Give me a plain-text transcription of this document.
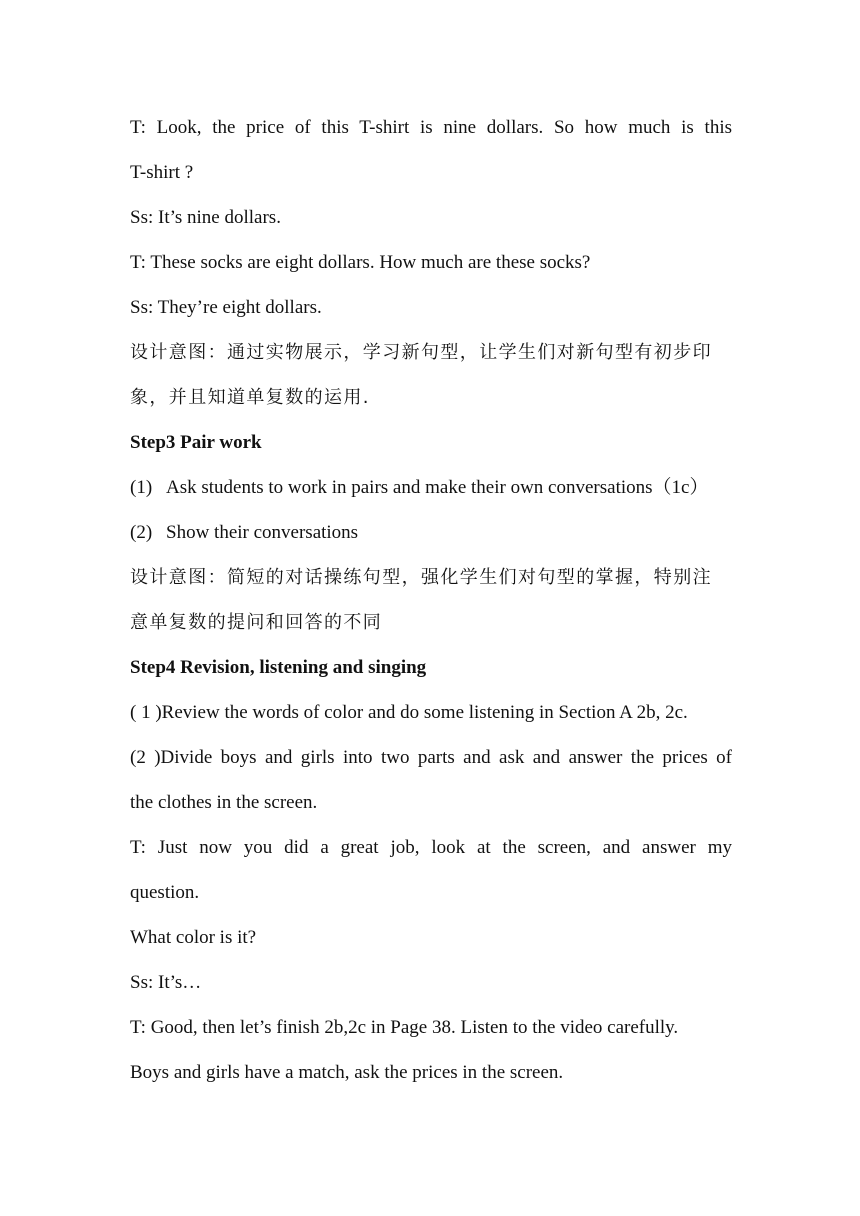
T: Look, the price of this T-shirt is nine dollars. So how much is this
T-shirt ?
Ss: It’s nine dollars.
T: These socks are eight dollars. How much are these socks?
Ss: They’re eight dollars.
设计意图：通过实物展示，学习新句型，让学生们对新句型有初步印
象，并且知道单复数的运用.
Step3 Pair work
(1) Ask students to work in pairs and make their own conversations（1c）
(2) Show their conversations
设计意图：简短的对话操练句型，强化学生们对句型的掌握，特别注
意单复数的提问和回答的不同
Step4 Revision, listening and singing
( 1 )Review the words of color and do some listening in Section A 2b, 2c.
(2 )Divide boys and girls into two parts and ask and answer the prices of
the clothes in the screen.
T: Just now you did a great job, look at the screen, and answer my
question.
What color is it?
Ss: It’s…
T: Good, then let’s finish 2b,2c in Page 38. Listen to the video carefully.
Boys and girls have a match, ask the prices in the screen.
